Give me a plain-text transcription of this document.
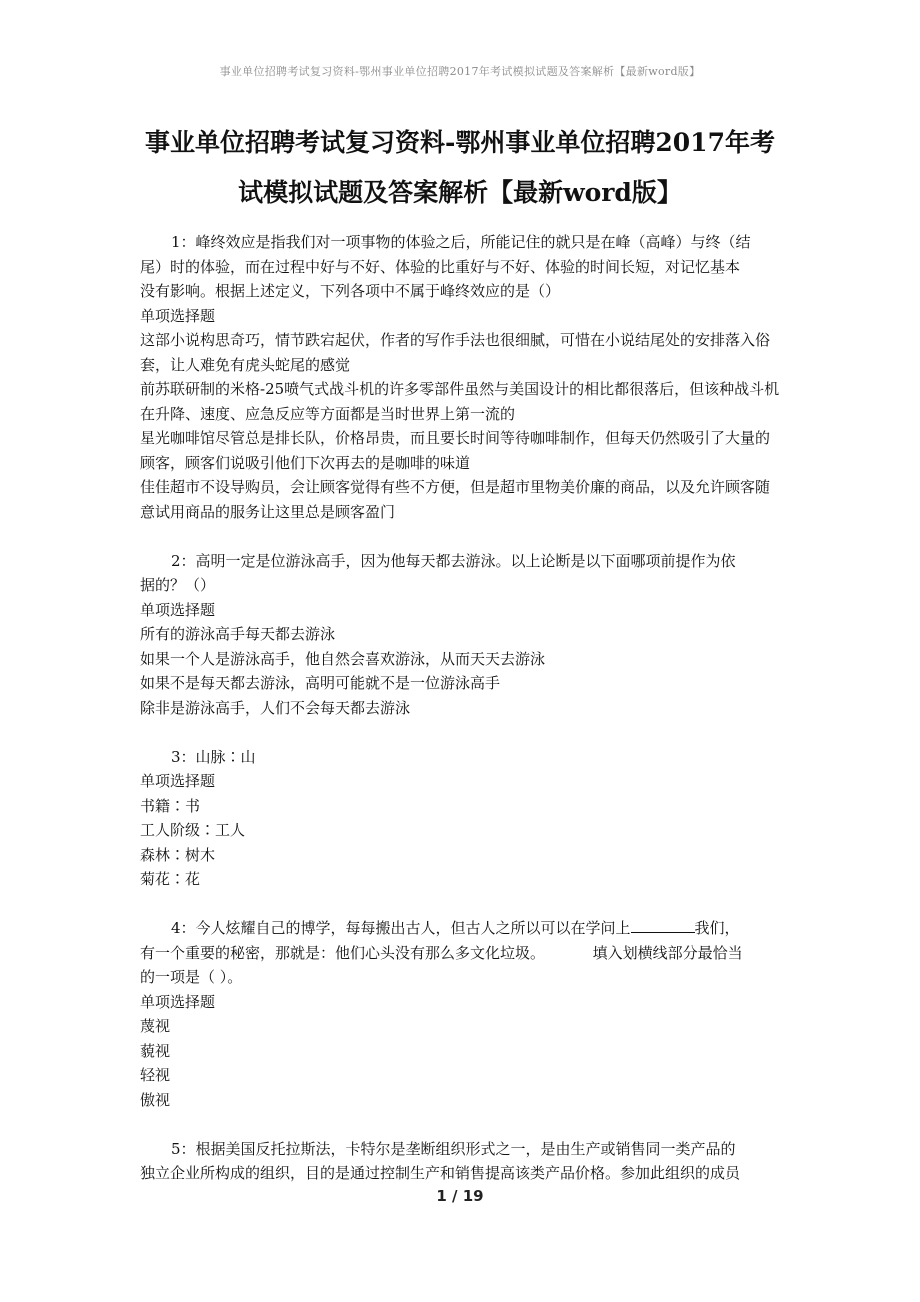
事业单位招聘考试复习资料-鄂州事业单位招聘2017年考试模拟试题及答案解析【最新word版】
事业单位招聘考试复习资料-鄂州事业单位招聘2017年考
试模拟试题及答案解析【最新word版】
1：峰终效应是指我们对一项事物的体验之后，所能记住的就只是在峰（高峰）与终（结
尾）时的体验，而在过程中好与不好、体验的比重好与不好、体验的时间长短，对记忆基本
没有影响。根据上述定义，下列各项中不属于峰终效应的是（）
单项选择题
这部小说构思奇巧，情节跌宕起伏，作者的写作手法也很细腻，可惜在小说结尾处的安排落入俗套，让人难免有虎头蛇尾的感觉
前苏联研制的米格-25喷气式战斗机的许多零部件虽然与美国设计的相比都很落后，但该种战斗机在升降、速度、应急反应等方面都是当时世界上第一流的
星光咖啡馆尽管总是排长队，价格昂贵，而且要长时间等待咖啡制作，但每天仍然吸引了大量的顾客，顾客们说吸引他们下次再去的是咖啡的味道
佳佳超市不设导购员，会让顾客觉得有些不方便，但是超市里物美价廉的商品，以及允许顾客随意试用商品的服务让这里总是顾客盈门
2：高明一定是位游泳高手，因为他每天都去游泳。以上论断是以下面哪项前提作为依
据的？（）
单项选择题
所有的游泳高手每天都去游泳
如果一个人是游泳高手，他自然会喜欢游泳，从而天天去游泳
如果不是每天都去游泳，高明可能就不是一位游泳高手
除非是游泳高手，人们不会每天都去游泳
3：山脉∶山
单项选择题
书籍∶书
工人阶级∶工人
森林∶树木
菊花∶花
4：今人炫耀自己的博学，每每搬出古人，但古人之所以可以在学问上	我们，
有一个重要的秘密，那就是：他们心头没有那么多文化垃圾。          填入划横线部分最恰当
的一项是（ ）。
单项选择题
蔑视
藐视
轻视
傲视
5：根据美国反托拉斯法，卡特尔是垄断组织形式之一，是由生产或销售同一类产品的
独立企业所构成的组织，目的是通过控制生产和销售提高该类产品价格。参加此组织的成员
1 / 19
